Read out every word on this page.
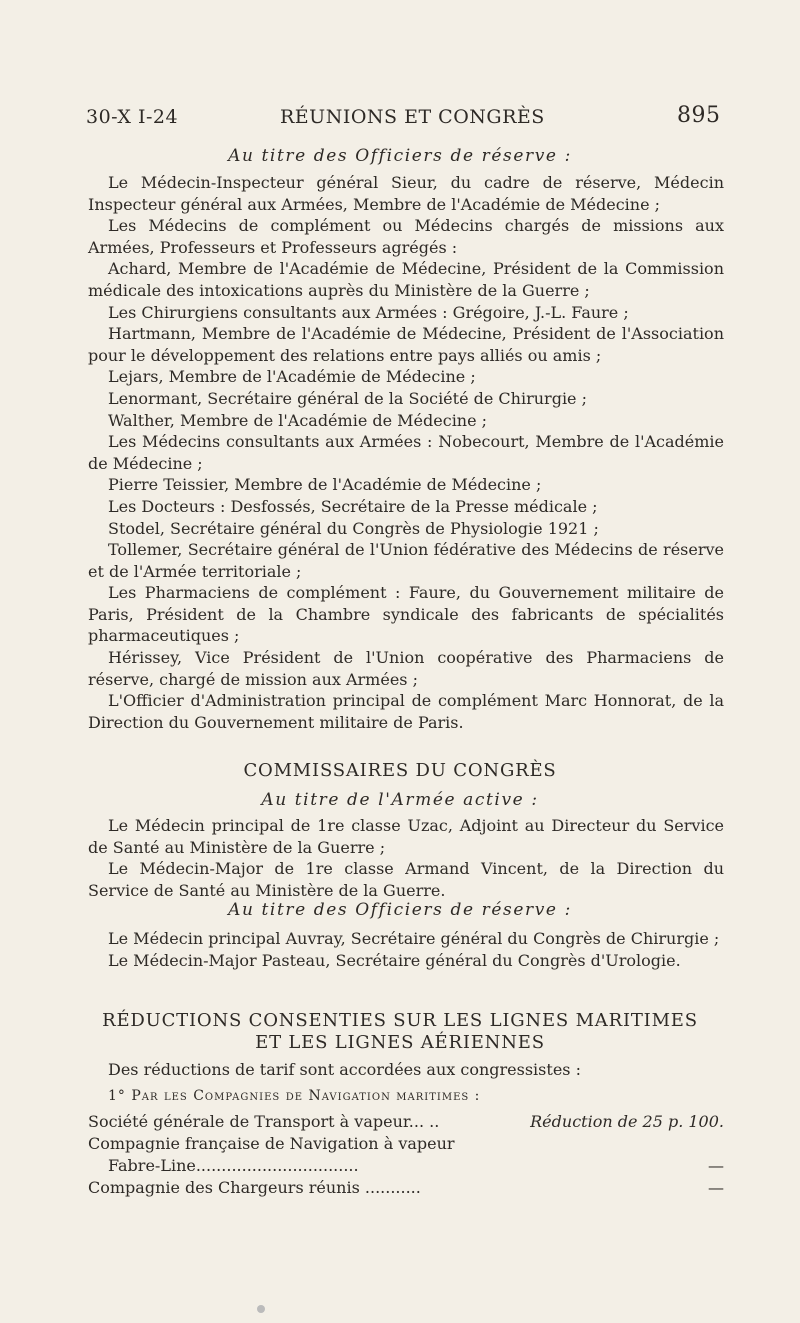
30-X I-24	RÉUNIONS ET CONGRÈS	895
Au titre des Officiers de réserve :

Le Médecin-Inspecteur général Sieur, du cadre de réserve, Médecin Inspecteur général aux Armées, Membre de l'Académie de Médecine ;

Les Médecins de complément ou Médecins chargés de missions aux Armées, Professeurs et Professeurs agrégés :

Achard, Membre de l'Académie de Médecine, Président de la Commission médicale des intoxications auprès du Ministère de la Guerre ;

Les Chirurgiens consultants aux Armées : Grégoire, J.-L. Faure ;

Hartmann, Membre de l'Académie de Médecine, Président de l'Association pour le développement des relations entre pays alliés ou amis ;

Lejars, Membre de l'Académie de Médecine ;

Lenormant, Secrétaire général de la Société de Chirurgie ;

Walther, Membre de l'Académie de Médecine ;

Les Médecins consultants aux Armées : Nobecourt, Membre de l'Académie de Médecine ;

Pierre Teissier, Membre de l'Académie de Médecine ;

Les Docteurs : Desfossés, Secrétaire de la Presse médicale ;

Stodel, Secrétaire général du Congrès de Physiologie 1921 ;

Tollemer, Secrétaire général de l'Union fédérative des Médecins de réserve et de l'Armée territoriale ;

Les Pharmaciens de complément : Faure, du Gouvernement militaire de Paris, Président de la Chambre syndicale des fabricants de spécialités pharmaceutiques ;

Hérissey, Vice Président de l'Union coopérative des Pharmaciens de réserve, chargé de mission aux Armées ;

L'Officier d'Administration principal de complément Marc Honnorat, de la Direction du Gouvernement militaire de Paris.

COMMISSAIRES DU CONGRÈS
Au titre de l'Armée active :

Le Médecin principal de 1re classe Uzac, Adjoint au Directeur du Service de Santé au Ministère de la Guerre ;

Le Médecin-Major de 1re classe Armand Vincent, de la Direction du Service de Santé au Ministère de la Guerre.

Au titre des Officiers de réserve :

Le Médecin principal Auvray, Secrétaire général du Congrès de Chirurgie ;

Le Médecin-Major Pasteau, Secrétaire général du Congrès d'Urologie.

RÉDUCTIONS CONSENTIES SUR LES LIGNES MARITIMES
ET LES LIGNES AÉRIENNES
Des réductions de tarif sont accordées aux congressistes :
1° Par les Compagnies de Navigation maritimes :
Société générale de Transport à vapeur... ..	Réduction de 25 p. 100.
Compagnie française de Navigation à vapeur
Fabre-Line................................	—
Compagnie des Chargeurs réunis ...........	—
